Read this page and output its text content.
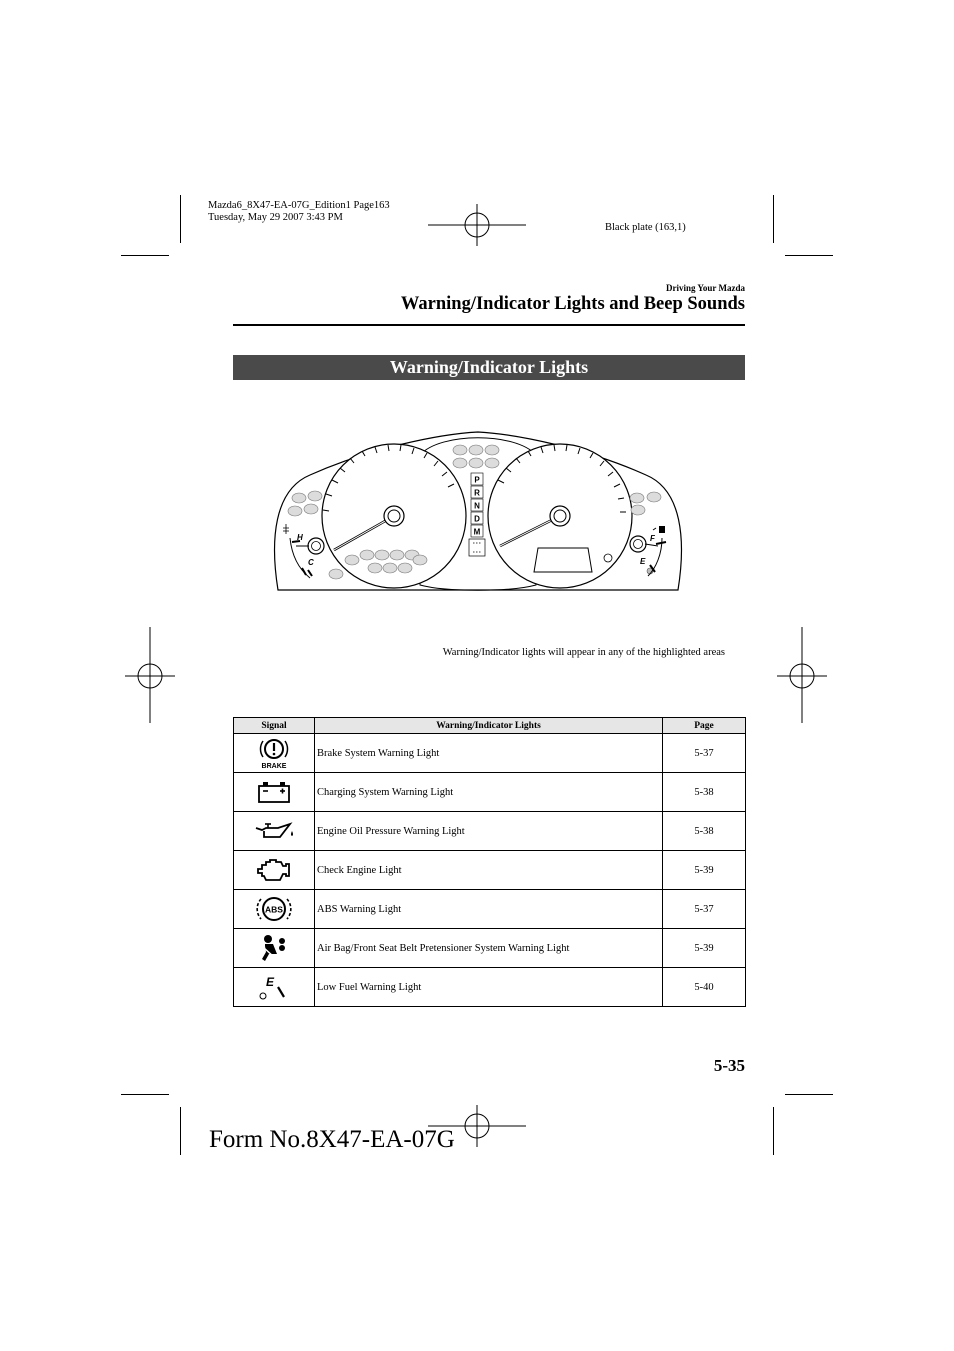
Mazda6_8X47-EA-07G_Edition1 Page163
Tuesday, May 29 2007 3:43 PM
Black plate (163,1)
Driving Your Mazda
Warning/Indicator Lights and Beep Sounds
Warning/Indicator Lights
P
R
N
D
M
H
C
F
E
Warning/Indicator lights will appear in any of the highlighted areas
Signal	Warning/Indicator Lights	Page

BRAKE	Brake System Warning Light	5-37

	Charging System Warning Light	5-38

	Engine Oil Pressure Warning Light	5-38

	Check Engine Light	5-39

ABS	ABS Warning Light	5-37

	Air Bag/Front Seat Belt Pretensioner System Warning Light	5-39

E	Low Fuel Warning Light	5-40
5-35
Form No.8X47-EA-07G
